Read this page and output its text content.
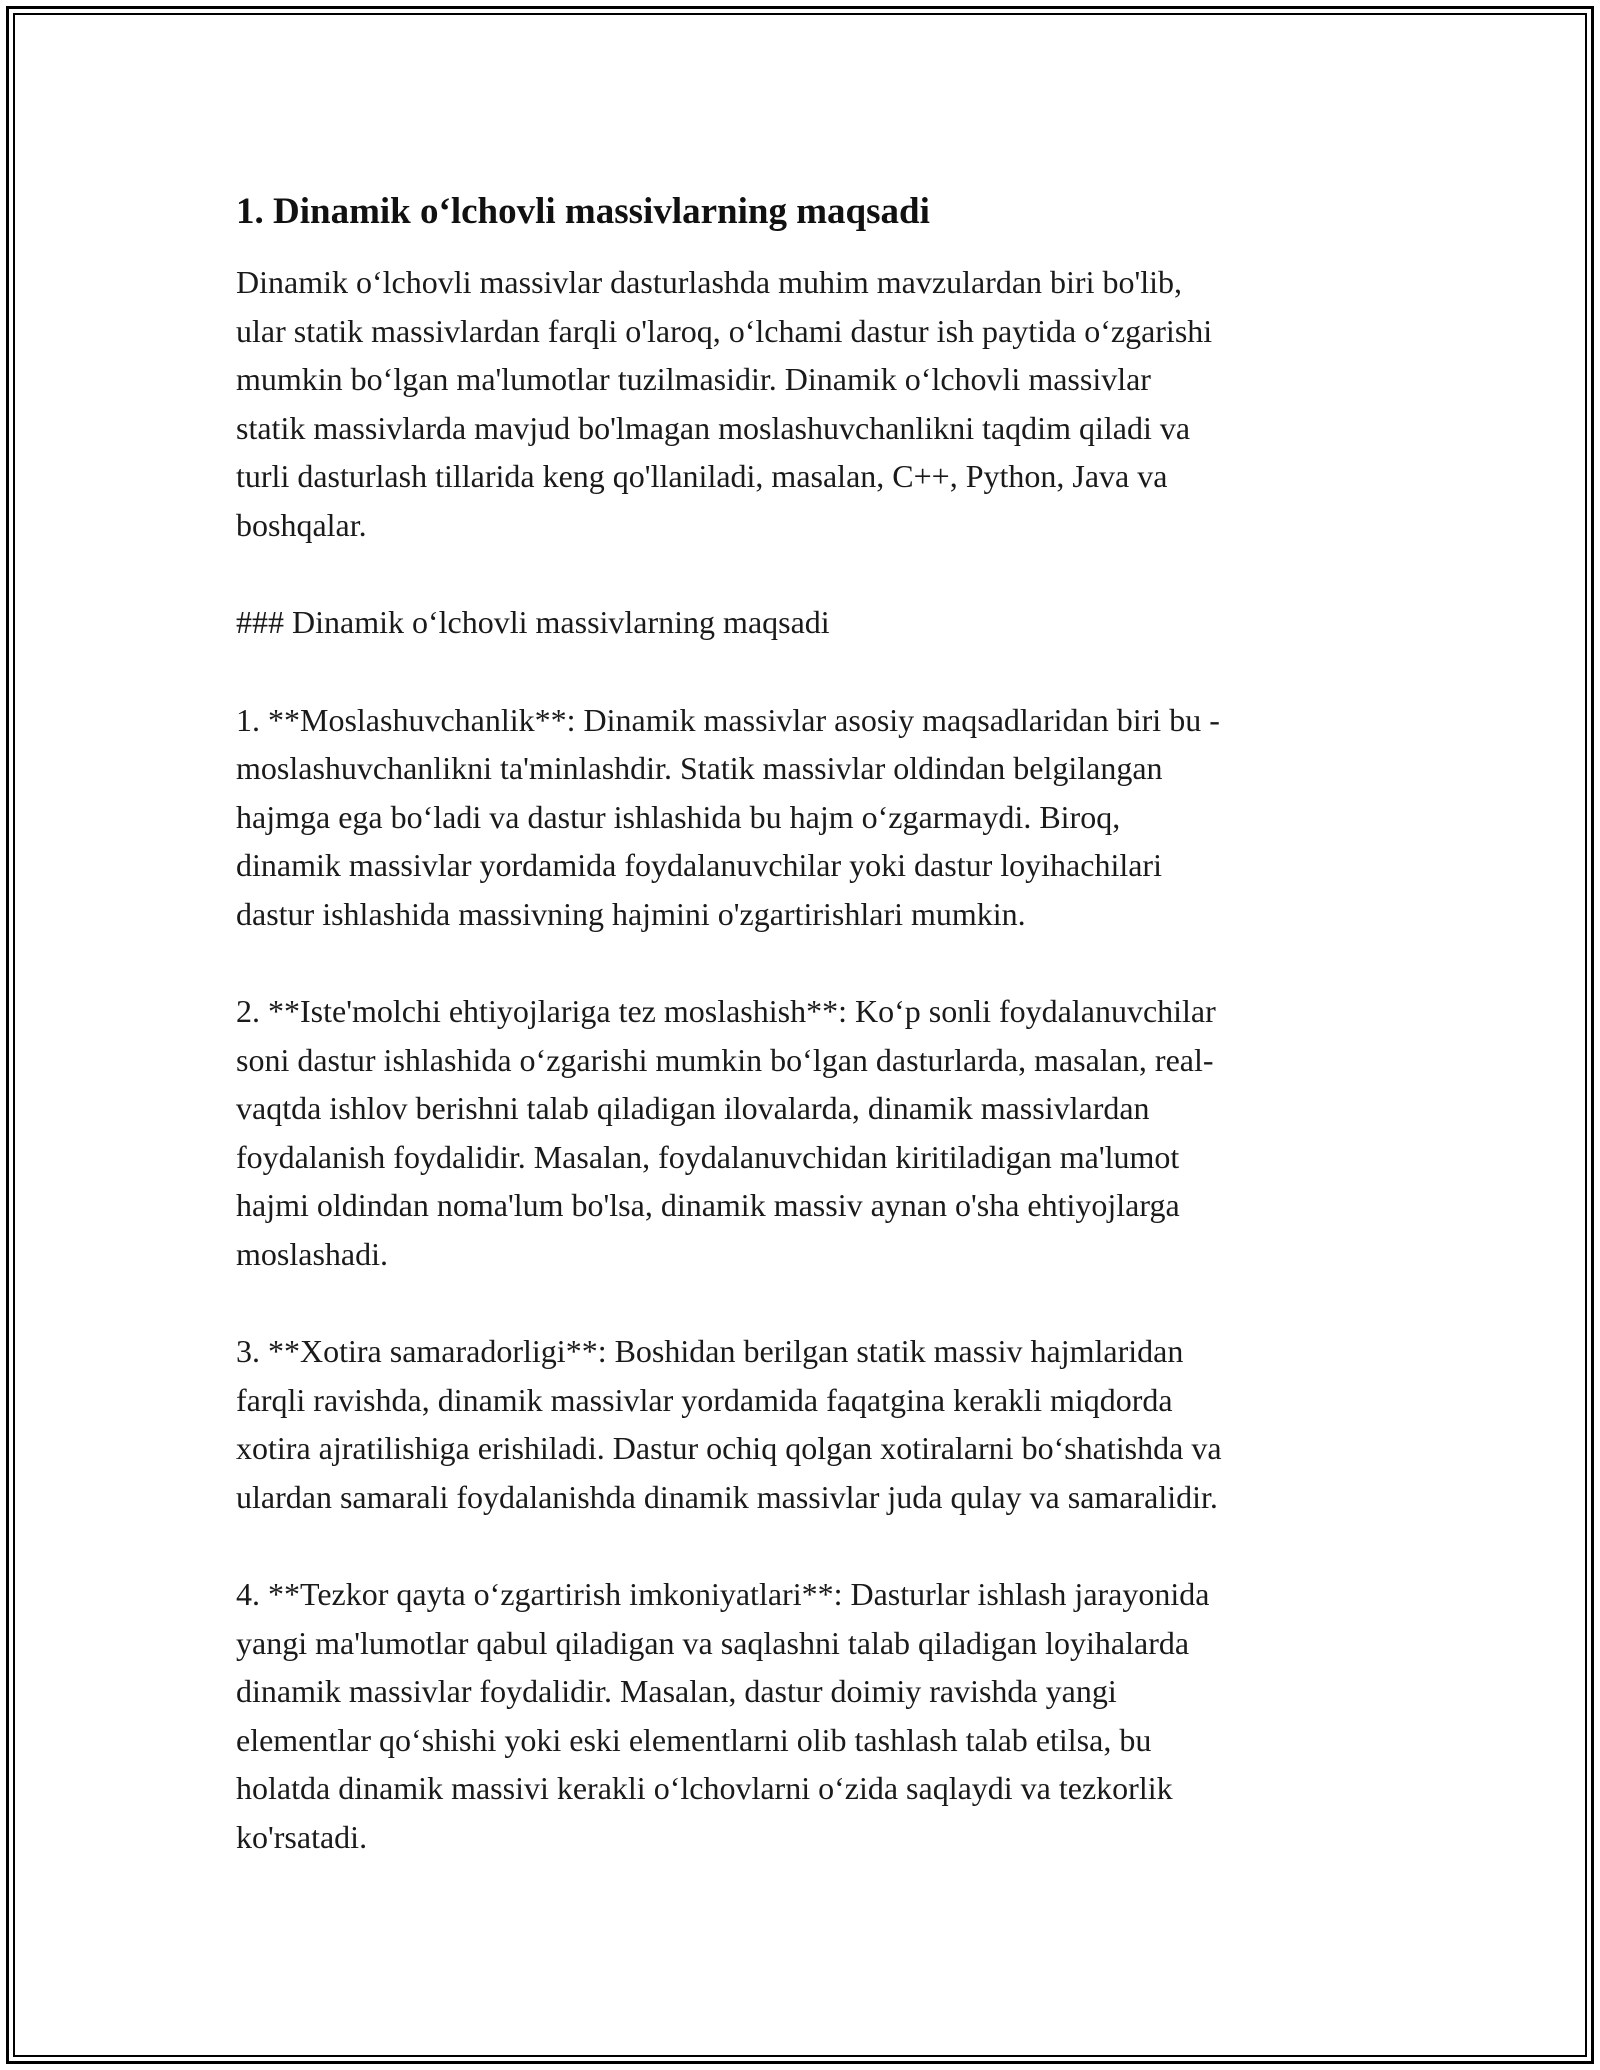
1. Dinamik o‘lchovli massivlarning maqsadi

Dinamik o‘lchovli massivlar dasturlashda muhim mavzulardan biri bo'lib,
ular statik massivlardan farqli o'laroq, o‘lchami dastur ish paytida o‘zgarishi
mumkin bo‘lgan ma'lumotlar tuzilmasidir. Dinamik o‘lchovli massivlar
statik massivlarda mavjud bo'lmagan moslashuvchanlikni taqdim qiladi va
turli dasturlash tillarida keng qo'llaniladi, masalan, C++, Python, Java va
boshqalar.

### Dinamik o‘lchovli massivlarning maqsadi

1. **Moslashuvchanlik**: Dinamik massivlar asosiy maqsadlaridan biri bu -
moslashuvchanlikni ta'minlashdir. Statik massivlar oldindan belgilangan
hajmga ega bo‘ladi va dastur ishlashida bu hajm o‘zgarmaydi. Biroq,
dinamik massivlar yordamida foydalanuvchilar yoki dastur loyihachilari
dastur ishlashida massivning hajmini o'zgartirishlari mumkin.

2. **Iste'molchi ehtiyojlariga tez moslashish**: Ko‘p sonli foydalanuvchilar
soni dastur ishlashida o‘zgarishi mumkin bo‘lgan dasturlarda, masalan, real-
vaqtda ishlov berishni talab qiladigan ilovalarda, dinamik massivlardan
foydalanish foydalidir. Masalan, foydalanuvchidan kiritiladigan ma'lumot
hajmi oldindan noma'lum bo'lsa, dinamik massiv aynan o'sha ehtiyojlarga
moslashadi.

3. **Xotira samaradorligi**: Boshidan berilgan statik massiv hajmlaridan
farqli ravishda, dinamik massivlar yordamida faqatgina kerakli miqdorda
xotira ajratilishiga erishiladi. Dastur ochiq qolgan xotiralarni bo‘shatishda va
ulardan samarali foydalanishda dinamik massivlar juda qulay va samaralidir.

4. **Tezkor qayta o‘zgartirish imkoniyatlari**: Dasturlar ishlash jarayonida
yangi ma'lumotlar qabul qiladigan va saqlashni talab qiladigan loyihalarda
dinamik massivlar foydalidir. Masalan, dastur doimiy ravishda yangi
elementlar qo‘shishi yoki eski elementlarni olib tashlash talab etilsa, bu
holatda dinamik massivi kerakli o‘lchovlarni o‘zida saqlaydi va tezkorlik
ko'rsatadi.
